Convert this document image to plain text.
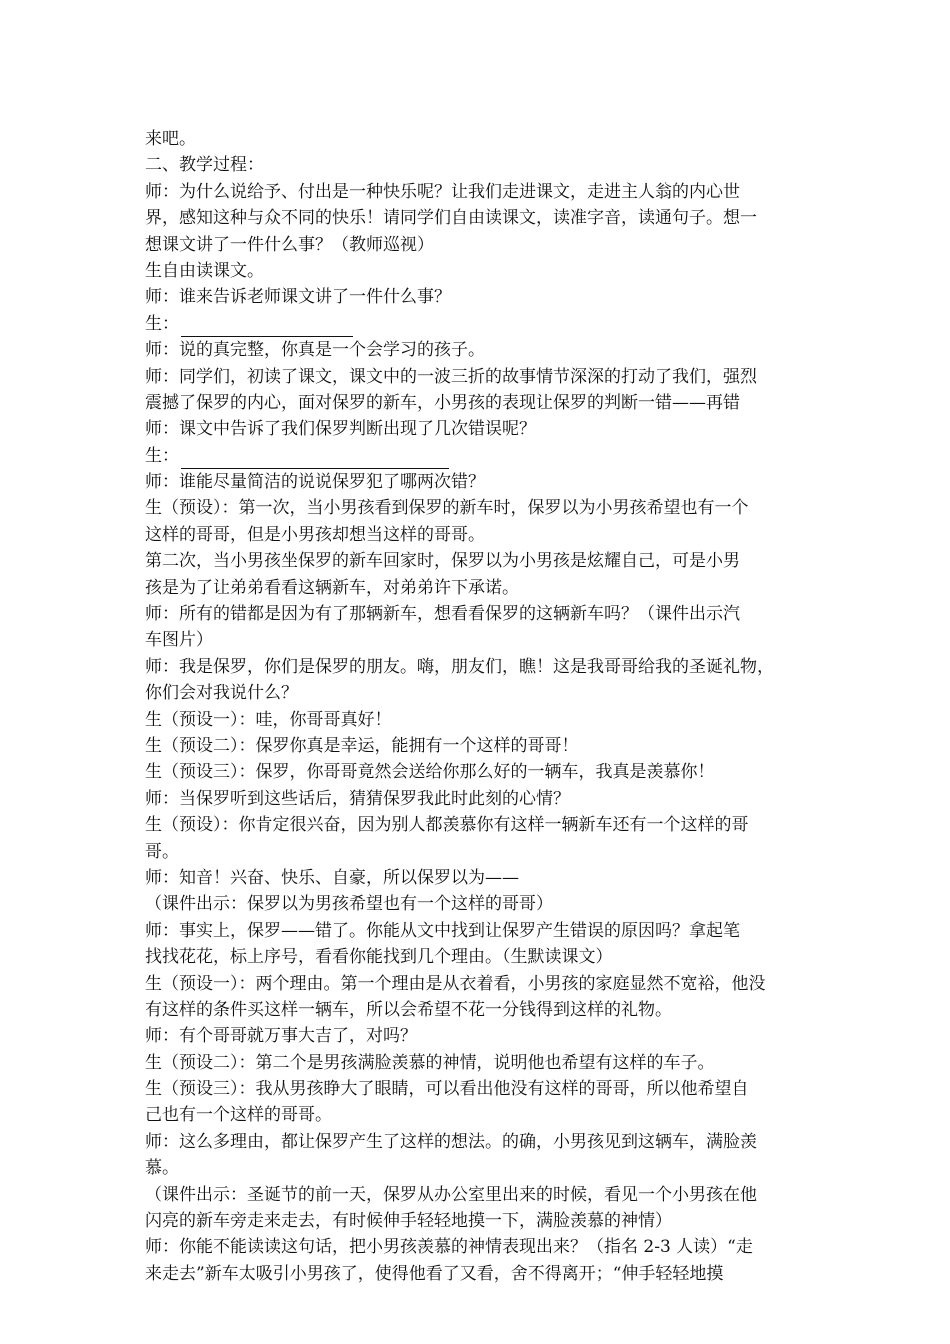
来吧。
二、教学过程：
师：为什么说给予、付出是一种快乐呢？让我们走进课文，走进主人翁的内心世
界，感知这种与众不同的快乐！请同学们自由读课文，读准字音，读通句子。想一
想课文讲了一件什么事？（教师巡视）
生自由读课文。
师：谁来告诉老师课文讲了一件什么事？
生：
师：说的真完整，你真是一个会学习的孩子。
师：同学们，初读了课文，课文中的一波三折的故事情节深深的打动了我们，强烈
震撼了保罗的内心，面对保罗的新车，小男孩的表现让保罗的判断一错——再错
师：课文中告诉了我们保罗判断出现了几次错误呢？
生：
师：谁能尽量简洁的说说保罗犯了哪两次错？
生（预设）：第一次，当小男孩看到保罗的新车时，保罗以为小男孩希望也有一个
这样的哥哥，但是小男孩却想当这样的哥哥。
第二次，当小男孩坐保罗的新车回家时，保罗以为小男孩是炫耀自己，可是小男
孩是为了让弟弟看看这辆新车，对弟弟许下承诺。
师：所有的错都是因为有了那辆新车，想看看保罗的这辆新车吗？（课件出示汽
车图片）
师：我是保罗，你们是保罗的朋友。嗨，朋友们，瞧！这是我哥哥给我的圣诞礼物，
你们会对我说什么？
生（预设一）：哇，你哥哥真好！
生（预设二）：保罗你真是幸运，能拥有一个这样的哥哥！
生（预设三）：保罗，你哥哥竟然会送给你那么好的一辆车，我真是羡慕你！
师：当保罗听到这些话后，猜猜保罗我此时此刻的心情？
生（预设）：你肯定很兴奋，因为别人都羡慕你有这样一辆新车还有一个这样的哥
哥。
师：知音！兴奋、快乐、自豪，所以保罗以为——
（课件出示：保罗以为男孩希望也有一个这样的哥哥）
师：事实上，保罗——错了。你能从文中找到让保罗产生错误的原因吗？拿起笔
找找花花，标上序号，看看你能找到几个理由。（生默读课文）
生（预设一）：两个理由。第一个理由是从衣着看，小男孩的家庭显然不宽裕，他没
有这样的条件买这样一辆车，所以会希望不花一分钱得到这样的礼物。
师：有个哥哥就万事大吉了，对吗？
生（预设二）：第二个是男孩满脸羡慕的神情，说明他也希望有这样的车子。
生（预设三）：我从男孩睁大了眼睛，可以看出他没有这样的哥哥，所以他希望自
己也有一个这样的哥哥。
师：这么多理由，都让保罗产生了这样的想法。的确，小男孩见到这辆车，满脸羡
慕。
（课件出示：圣诞节的前一天，保罗从办公室里出来的时候，看见一个小男孩在他
闪亮的新车旁走来走去，有时候伸手轻轻地摸一下，满脸羡慕的神情）
师：你能不能读读这句话，把小男孩羡慕的神情表现出来？（指名 2-3 人读）“走
来走去”新车太吸引小男孩了，使得他看了又看，舍不得离开；“伸手轻轻地摸
